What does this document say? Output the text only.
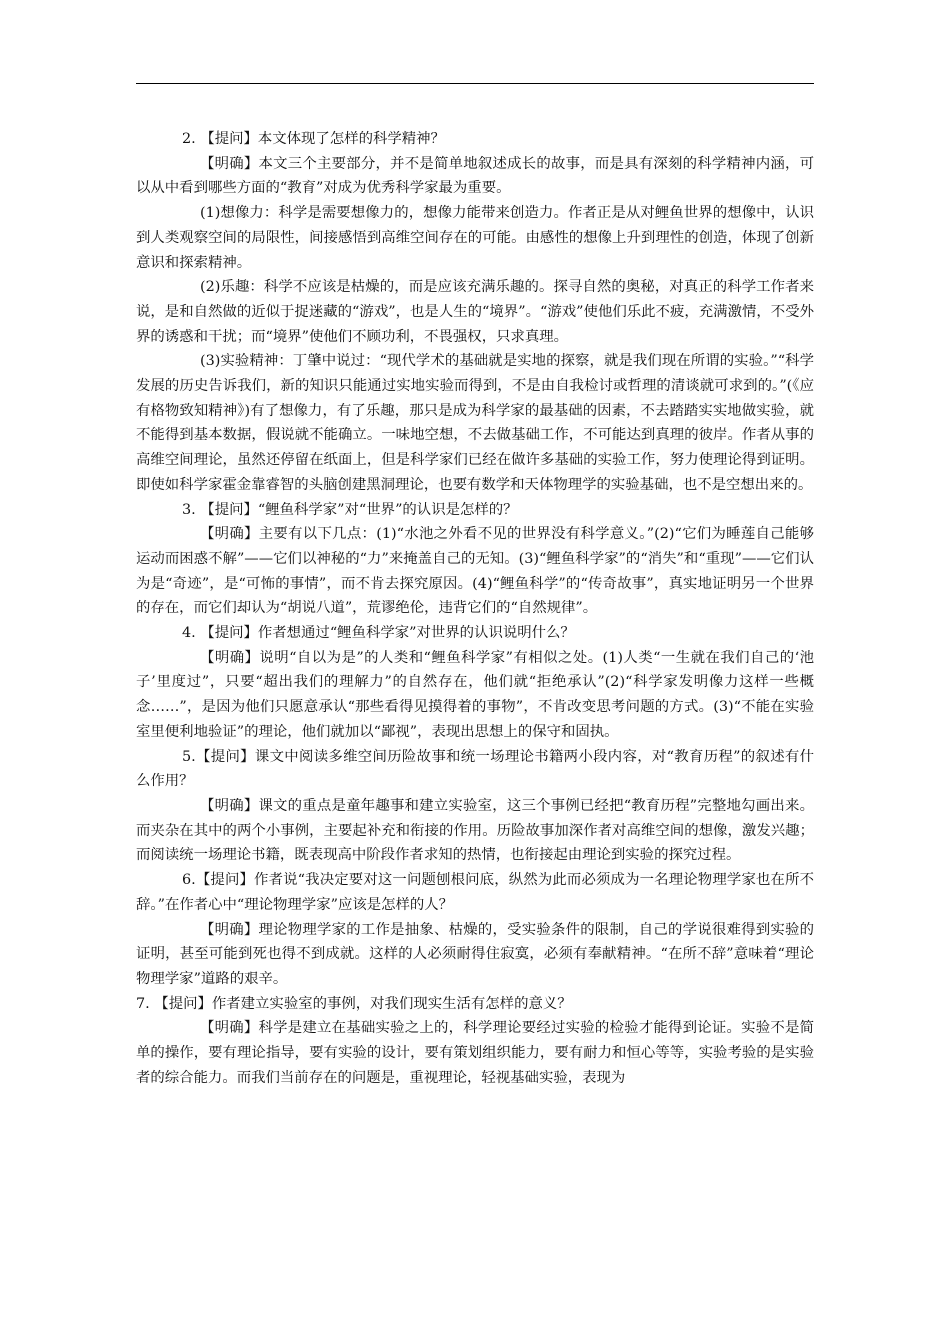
2. 【提问】本文体现了怎样的科学精神？

【明确】本文三个主要部分，并不是简单地叙述成长的故事，而是具有深刻的科学精神内涵，可以从中看到哪些方面的“教育”对成为优秀科学家最为重要。

(1)想像力：科学是需要想像力的，想像力能带来创造力。作者正是从对鲤鱼世界的想像中，认识到人类观察空间的局限性，间接感悟到高维空间存在的可能。由感性的想像上升到理性的创造，体现了创新意识和探索精神。

(2)乐趣：科学不应该是枯燥的，而是应该充满乐趣的。探寻自然的奥秘，对真正的科学工作者来说，是和自然做的近似于捉迷藏的“游戏”，也是人生的“境界”。“游戏”使他们乐此不疲，充满激情，不受外界的诱惑和干扰；而“境界”使他们不顾功利，不畏强权，只求真理。

(3)实验精神：丁肇中说过：“现代学术的基础就是实地的探察，就是我们现在所谓的实验。”“科学发展的历史告诉我们，新的知识只能通过实地实验而得到，不是由自我检讨或哲理的清谈就可求到的。”(《应有格物致知精神》)有了想像力，有了乐趣，那只是成为科学家的最基础的因素，不去踏踏实实地做实验，就不能得到基本数据，假说就不能确立。一味地空想，不去做基础工作，不可能达到真理的彼岸。作者从事的高维空间理论，虽然还停留在纸面上，但是科学家们已经在做许多基础的实验工作，努力使理论得到证明。即使如科学家霍金靠睿智的头脑创建黑洞理论，也要有数学和天体物理学的实验基础，也不是空想出来的。

3. 【提问】“鲤鱼科学家”对“世界”的认识是怎样的？

【明确】主要有以下几点：(1)“水池之外看不见的世界没有科学意义。”(2)“它们为睡莲自己能够运动而困惑不解”——它们以神秘的“力”来掩盖自己的无知。(3)“鲤鱼科学家”的“消失”和“重现”——它们认为是“奇迹”，是“可怖的事情”，而不肯去探究原因。(4)“鲤鱼科学”的“传奇故事”，真实地证明另一个世界的存在，而它们却认为“胡说八道”，荒谬绝伦，违背它们的“自然规律”。

4. 【提问】作者想通过“鲤鱼科学家”对世界的认识说明什么？

【明确】说明“自以为是”的人类和“鲤鱼科学家”有相似之处。(1)人类“一生就在我们自己的‘池子’里度过”，只要“超出我们的理解力”的自然存在，他们就“拒绝承认”(2)“科学家发明像力这样一些概念……”，是因为他们只愿意承认“那些看得见摸得着的事物”，不肯改变思考问题的方式。(3)“不能在实验室里便利地验证”的理论，他们就加以“鄙视”，表现出思想上的保守和固执。

5.【提问】课文中阅读多维空间历险故事和统一场理论书籍两小段内容，对“教育历程”的叙述有什么作用？

【明确】课文的重点是童年趣事和建立实验室，这三个事例已经把“教育历程”完整地勾画出来。而夹杂在其中的两个小事例，主要起补充和衔接的作用。历险故事加深作者对高维空间的想像，激发兴趣；而阅读统一场理论书籍，既表现高中阶段作者求知的热情，也衔接起由理论到实验的探究过程。

6.【提问】作者说“我决定要对这一问题刨根问底，纵然为此而必须成为一名理论物理学家也在所不辞。”在作者心中“理论物理学家”应该是怎样的人？

【明确】理论物理学家的工作是抽象、枯燥的，受实验条件的限制，自己的学说很难得到实验的证明，甚至可能到死也得不到成就。这样的人必须耐得住寂寞，必须有奉献精神。“在所不辞”意味着“理论物理学家”道路的艰辛。

7. 【提问】作者建立实验室的事例，对我们现实生活有怎样的意义？

【明确】科学是建立在基础实验之上的，科学理论要经过实验的检验才能得到论证。实验不是简单的操作，要有理论指导，要有实验的设计，要有策划组织能力，要有耐力和恒心等等，实验考验的是实验者的综合能力。而我们当前存在的问题是，重视理论，轻视基础实验，表现为
